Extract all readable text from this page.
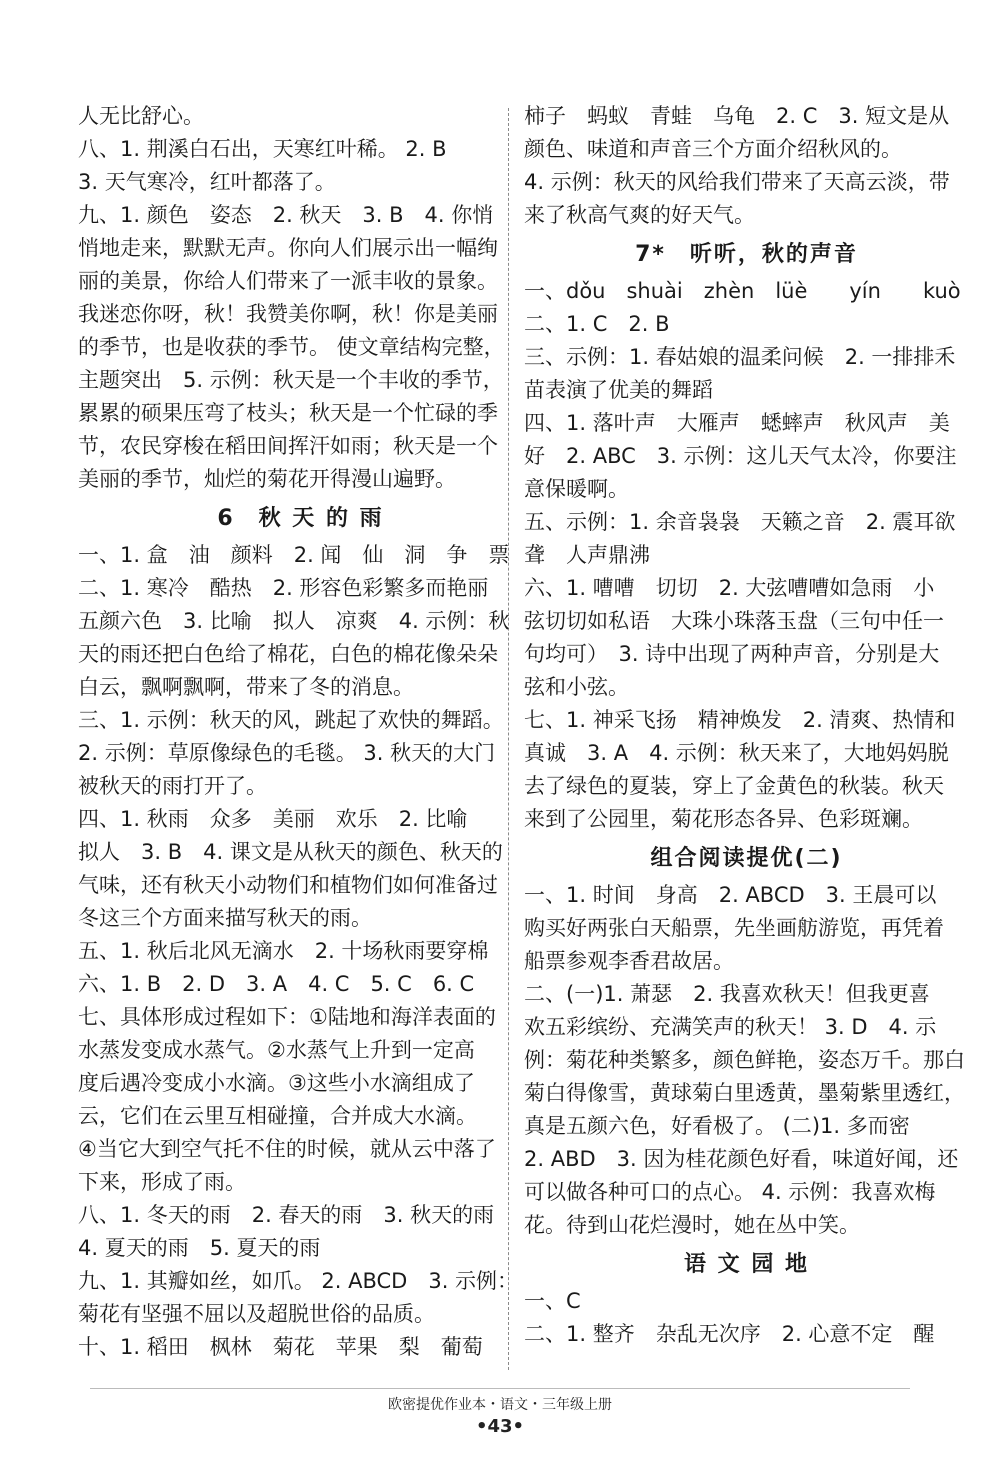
人无比舒心。
八、1. 荆溪白石出，天寒红叶稀。 2. B
3. 天气寒冷，红叶都落了。
九、1. 颜色　姿态　2. 秋天　3. B　4. 你悄
悄地走来，默默无声。你向人们展示出一幅绚
丽的美景，你给人们带来了一派丰收的景象。
我迷恋你呀，秋！我赞美你啊，秋！你是美丽
的季节，也是收获的季节。 使文章结构完整，
主题突出　5. 示例：秋天是一个丰收的季节，
累累的硕果压弯了枝头；秋天是一个忙碌的季
节，农民穿梭在稻田间挥汗如雨；秋天是一个
美丽的季节，灿烂的菊花开得漫山遍野。
6　秋 天 的 雨
一、1. 盒　油　颜料　2. 闻　仙　洞　争　票
二、1. 寒冷　酷热　2. 形容色彩繁多而艳丽
五颜六色　3. 比喻　拟人　凉爽　4. 示例：秋
天的雨还把白色给了棉花，白色的棉花像朵朵
白云，飘啊飘啊，带来了冬的消息。
三、1. 示例：秋天的风，跳起了欢快的舞蹈。
2. 示例：草原像绿色的毛毯。 3. 秋天的大门
被秋天的雨打开了。
四、1. 秋雨　众多　美丽　欢乐　2. 比喻
拟人　3. B　4. 课文是从秋天的颜色、秋天的
气味，还有秋天小动物们和植物们如何准备过
冬这三个方面来描写秋天的雨。
五、1. 秋后北风无滴水　2. 十场秋雨要穿棉
六、1. B　2. D　3. A　4. C　5. C　6. C
七、具体形成过程如下：①陆地和海洋表面的
水蒸发变成水蒸气。②水蒸气上升到一定高
度后遇冷变成小水滴。③这些小水滴组成了
云，它们在云里互相碰撞，合并成大水滴。
④当它大到空气托不住的时候，就从云中落了
下来，形成了雨。
八、1. 冬天的雨　2. 春天的雨　3. 秋天的雨
4. 夏天的雨　5. 夏天的雨
九、1. 其瓣如丝，如爪。 2. ABCD　3. 示例：
菊花有坚强不屈以及超脱世俗的品质。
十、1. 稻田　枫林　菊花　苹果　梨　葡萄
柿子　蚂蚁　青蛙　乌龟　2. C　3. 短文是从
颜色、味道和声音三个方面介绍秋风的。
4. 示例：秋天的风给我们带来了天高云淡，带
来了秋高气爽的好天气。
7*　听听，秋的声音
一、dǒu　shuài　zhèn　lüè　　yín　　kuò
二、1. C　2. B
三、示例：1. 春姑娘的温柔问候　2. 一排排禾
苗表演了优美的舞蹈
四、1. 落叶声　大雁声　蟋蟀声　秋风声　美
好　2. ABC　3. 示例：这儿天气太冷，你要注
意保暖啊。
五、示例：1. 余音袅袅　天籁之音　2. 震耳欲
聋　人声鼎沸
六、1. 嘈嘈　切切　2. 大弦嘈嘈如急雨　小
弦切切如私语　大珠小珠落玉盘（三句中任一
句均可）　3. 诗中出现了两种声音，分别是大
弦和小弦。
七、1. 神采飞扬　精神焕发　2. 清爽、热情和
真诚　3. A　4. 示例：秋天来了，大地妈妈脱
去了绿色的夏装，穿上了金黄色的秋装。秋天
来到了公园里，菊花形态各异、色彩斑斓。
组合阅读提优(二)
一、1. 时间　身高　2. ABCD　3. 王晨可以
购买好两张白天船票，先坐画舫游览，再凭着
船票参观李香君故居。
二、(一)1. 萧瑟　2. 我喜欢秋天！但我更喜
欢五彩缤纷、充满笑声的秋天！ 3. D　4. 示
例：菊花种类繁多，颜色鲜艳，姿态万千。那白
菊白得像雪，黄球菊白里透黄，墨菊紫里透红，
真是五颜六色，好看极了。 (二)1. 多而密
2. ABD　3. 因为桂花颜色好看，味道好闻，还
可以做各种可口的点心。 4. 示例：我喜欢梅
花。待到山花烂漫时，她在丛中笑。
语 文 园 地
一、C
二、1. 整齐　杂乱无次序　2. 心意不定　醒
欧密提优作业本・语文・三年级上册
•43•
